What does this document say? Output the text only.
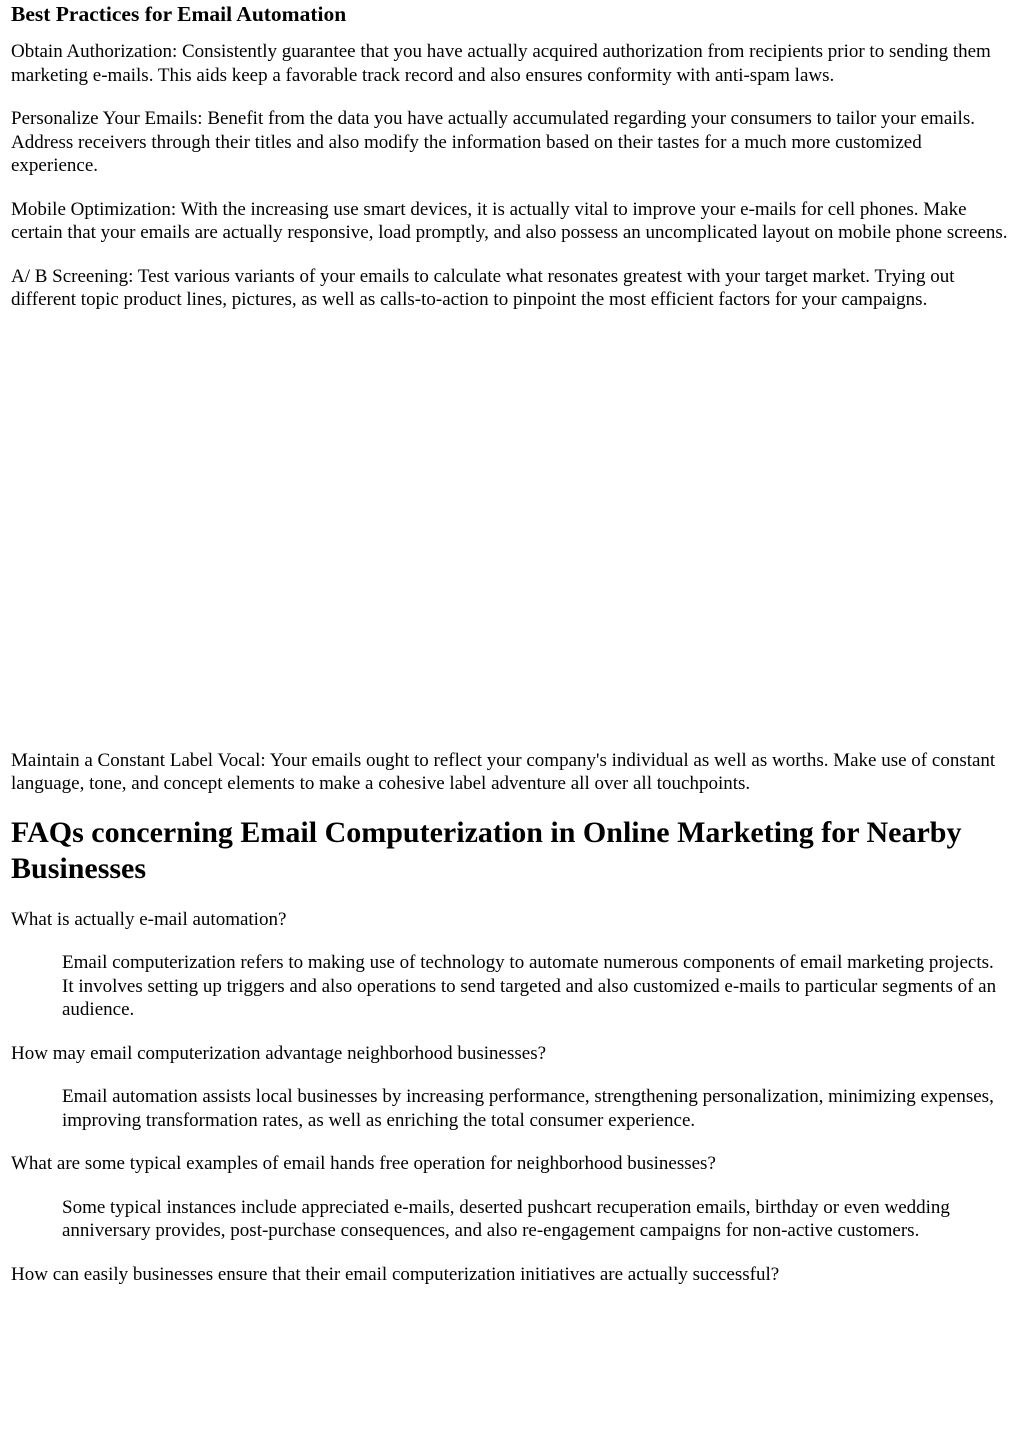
Best Practices for Email Automation

Obtain Authorization: Consistently guarantee that you have actually acquired authorization from recipients prior to sending them marketing e-mails. This aids keep a favorable track record and also ensures conformity with anti-spam laws.

Personalize Your Emails: Benefit from the data you have actually accumulated regarding your consumers to tailor your emails. Address receivers through their titles and also modify the information based on their tastes for a much more customized experience.

Mobile Optimization: With the increasing use smart devices, it is actually vital to improve your e-mails for cell phones. Make certain that your emails are actually responsive, load promptly, and also possess an uncomplicated layout on mobile phone screens.

A/ B Screening: Test various variants of your emails to calculate what resonates greatest with your target market. Trying out different topic product lines, pictures, as well as calls-to-action to pinpoint the most efficient factors for your campaigns.

Maintain a Constant Label Vocal: Your emails ought to reflect your company's individual as well as worths. Make use of constant language, tone, and concept elements to make a cohesive label adventure all over all touchpoints.

FAQs concerning Email Computerization in Online Marketing for Nearby Businesses
What is actually e-mail automation?
Email computerization refers to making use of technology to automate numerous components of email marketing projects. It involves setting up triggers and also operations to send targeted and also customized e-mails to particular segments of an audience.
How may email computerization advantage neighborhood businesses?
Email automation assists local businesses by increasing performance, strengthening personalization, minimizing expenses, improving transformation rates, as well as enriching the total consumer experience.
What are some typical examples of email hands free operation for neighborhood businesses?
Some typical instances include appreciated e-mails, deserted pushcart recuperation emails, birthday or even wedding anniversary provides, post-purchase consequences, and also re-engagement campaigns for non-active customers.
How can easily businesses ensure that their email computerization initiatives are actually successful?
